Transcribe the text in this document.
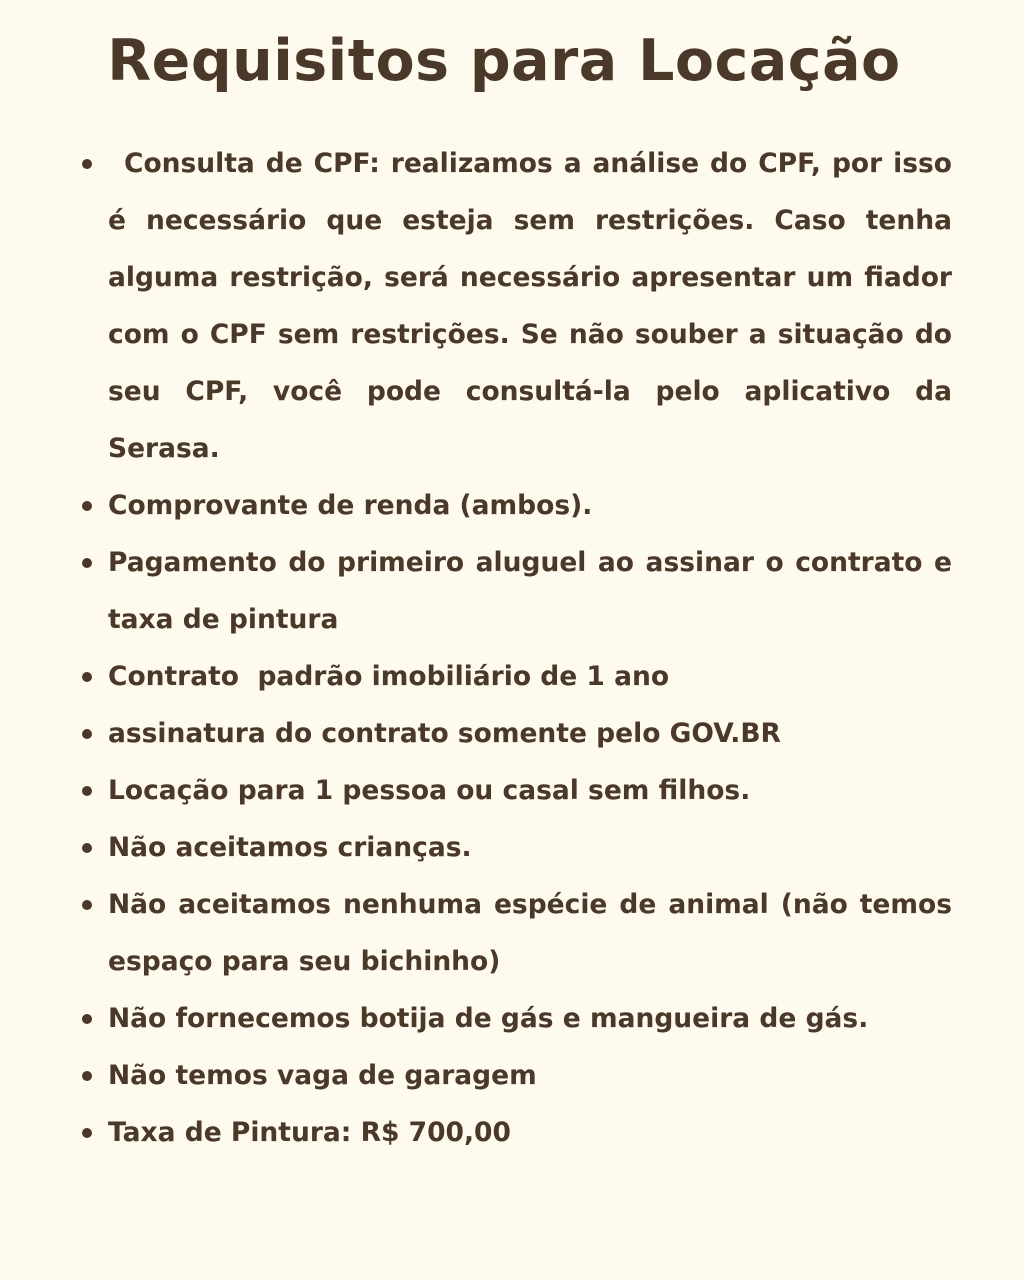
Requisitos para Locação
Consulta de CPF: realizamos a análise do CPF, por isso é necessário que esteja sem restrições. Caso tenha alguma restrição, será necessário apresentar um fiador com o CPF sem restrições. Se não souber a situação do seu CPF, você pode consultá-la pelo aplicativo da Serasa.
Comprovante de renda (ambos).
Pagamento do primeiro aluguel ao assinar o contrato e taxa de pintura
Contrato  padrão imobiliário de 1 ano
assinatura do contrato somente pelo GOV.BR
Locação para 1 pessoa ou casal sem filhos.
Não aceitamos crianças.
Não aceitamos nenhuma espécie de animal (não temos espaço para seu bichinho)
Não fornecemos botija de gás e mangueira de gás.
Não temos vaga de garagem
Taxa de Pintura: R$ 700,00
